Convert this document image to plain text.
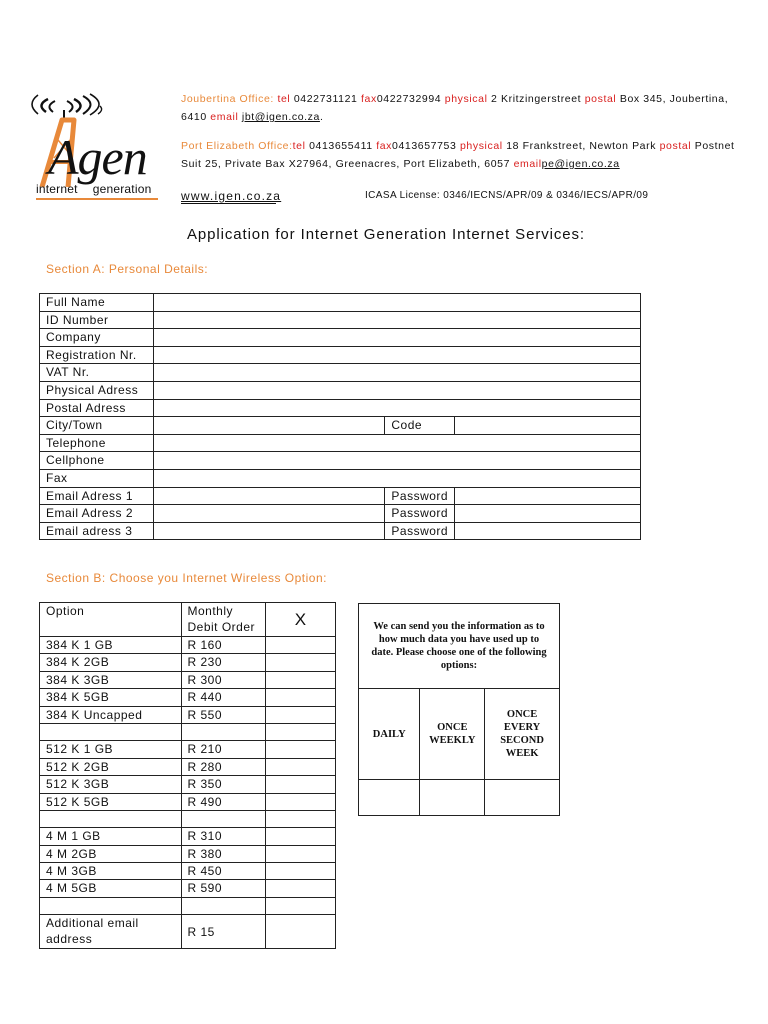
Agen
internet generation
Joubertina Office: tel 0422731121 fax0422732994 physical 2 Kritzingerstreet postal Box 345, Joubertina,
6410 email jbt@igen.co.za.
Port Elizabeth Office:tel 0413655411 fax0413657753 physical 18 Frankstreet, Newton Park postal Postnet
Suit 25, Private Bax X27964, Greenacres, Port Elizabeth, 6057 emailpe@igen.co.za
www.igen.co.za	ICASA License: 0346/IECNS/APR/09 & 0346/IECS/APR/09
Application for Internet Generation Internet Services:
Section A: Personal Details:
Full Name			
ID Number			
Company			
Registration Nr.			
VAT Nr.			
Physical Adress			
Postal Adress			
City/Town		Code	
Telephone			
Cellphone			
Fax			
Email Adress 1		Password	
Email Adress 2		Password	
Email adress 3		Password	
Section B: Choose you Internet Wireless Option:
Option	Monthly Debit Order	X
384 K 1 GB	R 160	
384 K 2GB	R 230	
384 K 3GB	R 300	
384 K 5GB	R 440	
384 K Uncapped	R 550	

512 K 1 GB	R 210	
512 K 2GB	R 280	
512 K 3GB	R 350	
512 K 5GB	R 490	

4 M 1 GB	R 310	
4 M 2GB	R 380	
4 M 3GB	R 450	
4 M 5GB	R 590	

Additional email address	R 15	
We can send you the information as to how much data you have used up to date. Please choose one of the following options:		
DAILY	ONCE WEEKLY	ONCE EVERY SECOND WEEK
